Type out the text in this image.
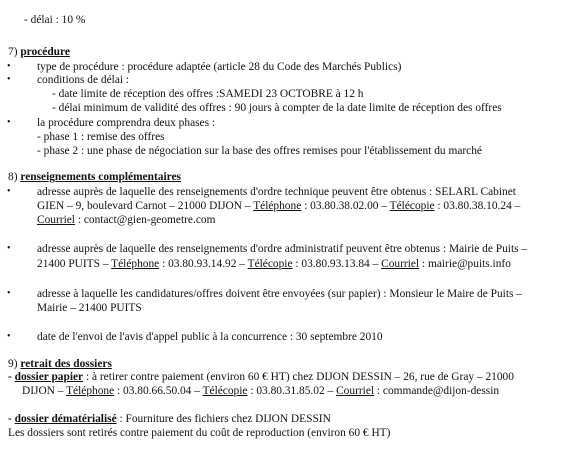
- délai : 10 %
7) procédure
• type de procédure : procédure adaptée (article 28 du Code des Marchés Publics)
• conditions de délai :
- date limite de réception des offres :SAMEDI 23 OCTOBRE à 12 h
- délai minimum de validité des offres : 90 jours à compter de la date limite de réception des offres
• la procédure comprendra deux phases :
- phase 1 : remise des offres
- phase 2 : une phase de négociation sur la base des offres remises pour l'établissement du marché
8) renseignements complémentaires
• adresse auprès de laquelle des renseignements d'ordre technique peuvent être obtenus : SELARL Cabinet
GIEN – 9, boulevard Carnot – 21000 DIJON – Téléphone : 03.80.38.02.00 – Télécopie : 03.80.38.10.24 –
Courriel : contact@gien-geometre.com
• adresse auprès de laquelle des renseignements d'ordre administratif peuvent être obtenus : Mairie de Puits –
21400 PUITS – Téléphone : 03.80.93.14.92 – Télécopie : 03.80.93.13.84 – Courriel : mairie@puits.info
• adresse à laquelle les candidatures/offres doivent être envoyées (sur papier) : Monsieur le Maire de Puits –
Mairie – 21400 PUITS
• date de l'envoi de l'avis d'appel public à la concurrence : 30 septembre 2010
9) retrait des dossiers
- dossier papier : à retirer contre paiement (environ 60 € HT) chez DIJON DESSIN – 26, rue de Gray – 21000
DIJON – Téléphone : 03.80.66.50.04 – Télécopie : 03.80.31.85.02 – Courriel : commande@dijon-dessin
- dossier dématérialisé : Fourniture des fichiers chez DIJON DESSIN
Les dossiers sont retirés contre paiement du coût de reproduction (environ 60 € HT)
